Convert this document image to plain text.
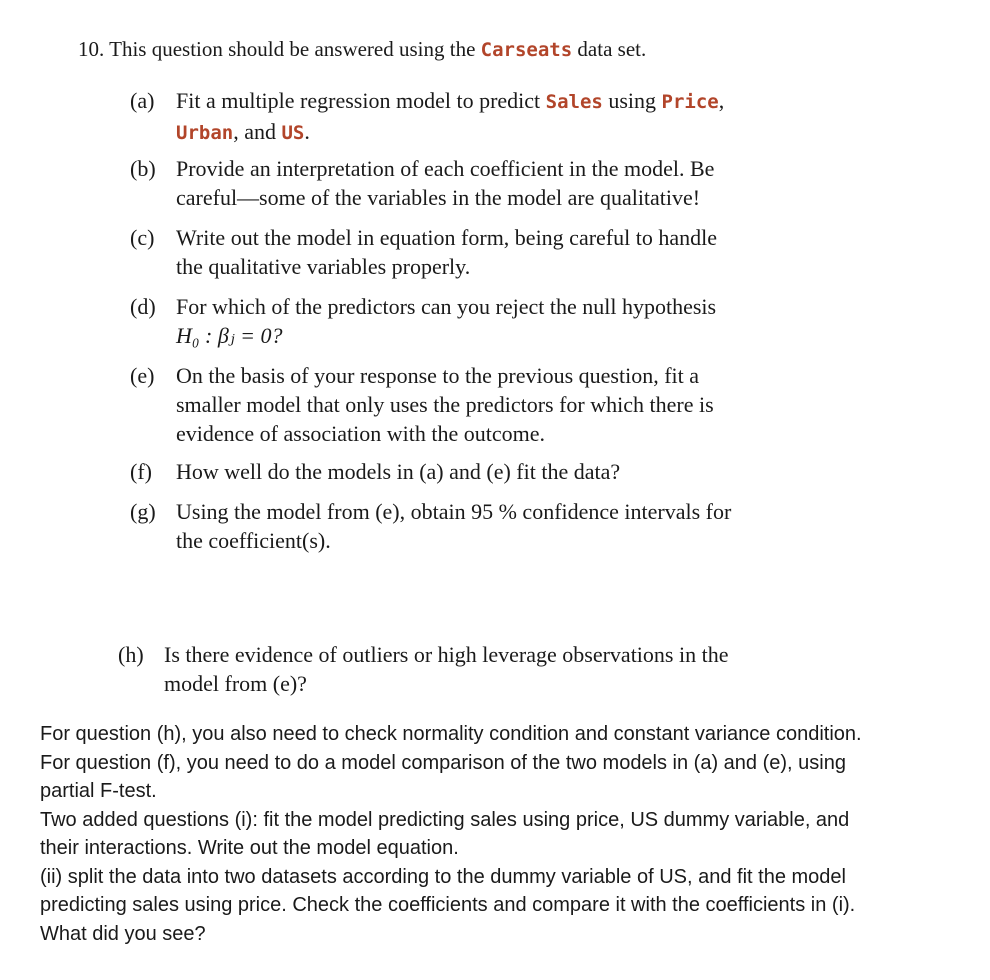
10. This question should be answered using the Carseats data set.
(a) Fit a multiple regression model to predict Sales using Price,
Urban, and US.
(b) Provide an interpretation of each coefficient in the model. Be
careful—some of the variables in the model are qualitative!
(c) Write out the model in equation form, being careful to handle
the qualitative variables properly.
(d) For which of the predictors can you reject the null hypothesis
H₀ : βⱼ = 0?
(e) On the basis of your response to the previous question, fit a
smaller model that only uses the predictors for which there is
evidence of association with the outcome.
(f)	How well do the models in (a) and (e) fit the data?
(g) Using the model from (e), obtain 95 % confidence intervals for
the coefficient(s).
(h) Is there evidence of outliers or high leverage observations in the
model from (e)?
For question (h), you also need to check normality condition and constant variance condition.
For question (f), you need to do a model comparison of the two models in (a) and (e), using
partial F-test.
Two added questions (i): fit the model predicting sales using price, US dummy variable, and
their interactions. Write out the model equation.
(ii) split the data into two datasets according to the dummy variable of US, and fit the model
predicting sales using price. Check the coefficients and compare it with the coefficients in (i).
What did you see?
